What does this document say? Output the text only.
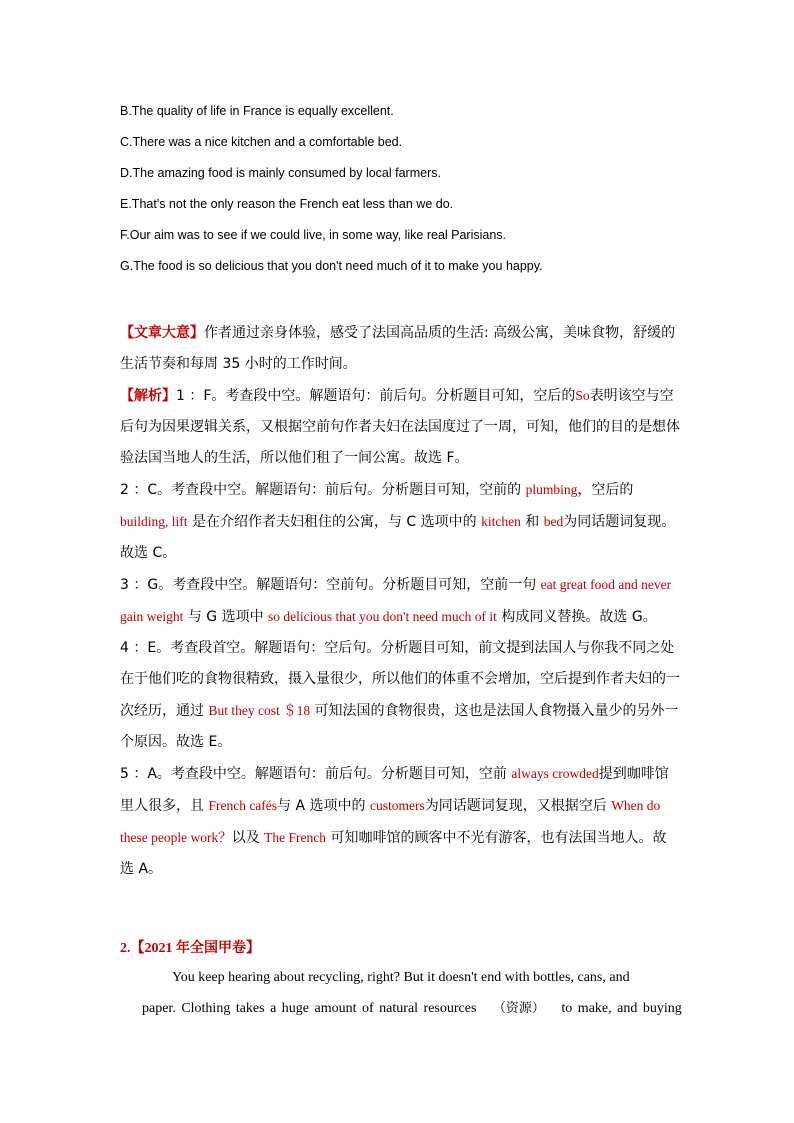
B.The quality of life in France is equally excellent.
C.There was a nice kitchen and a comfortable bed.
D.The amazing food is mainly consumed by local farmers.
E.That's not the only reason the French eat less than we do.
F.Our aim was to see if we could live, in some way, like real Parisians.
G.The food is so delicious that you don't need much of it to make you happy.

【文章大意】作者通过亲身体验，感受了法国高品质的生活: 高级公寓，美味食物，舒缓的生活节奏和每周 35 小时的工作时间。

【解析】1 ：F。考查段中空。解题语句：前后句。分析题目可知，空后的So表明该空与空后句为因果逻辑关系，又根据空前句作者夫妇在法国度过了一周，可知，他们的目的是想体验法国当地人的生活，所以他们租了一间公寓。故选 F。

2 ：C。考查段中空。解题语句：前后句。分析题目可知，空前的 plumbing，空后的 building, lift 是在介绍作者夫妇租住的公寓，与 C 选项中的 kitchen 和 bed为同话题词复现。故选 C。

3 ：G。考查段中空。解题语句：空前句。分析题目可知，空前一句 eat great food and never gain weight 与 G 选项中 so delicious that you don't need much of it 构成同义替换。故选 G。

4 ：E。考查段首空。解题语句：空后句。分析题目可知，前文提到法国人与你我不同之处在于他们吃的食物很精致，摄入量很少，所以他们的体重不会增加，空后提到作者夫妇的一次经历，通过 But they cost ＄18 可知法国的食物很贵，这也是法国人食物摄入量少的另外一个原因。故选 E。

5 ：A。考查段中空。解题语句：前后句。分析题目可知，空前 always crowded提到咖啡馆里人很多，且 French cafés与 A 选项中的 customers为同话题词复现，又根据空后 When do these people work？以及 The French 可知咖啡馆的顾客中不光有游客，也有法国当地人。故选 A。

2.【2021 年全国甲卷】
You keep hearing about recycling, right? But it doesn't end with bottles, cans, and
paper. Clothing takes a huge amount of natural resources （资源） to make, and buying
